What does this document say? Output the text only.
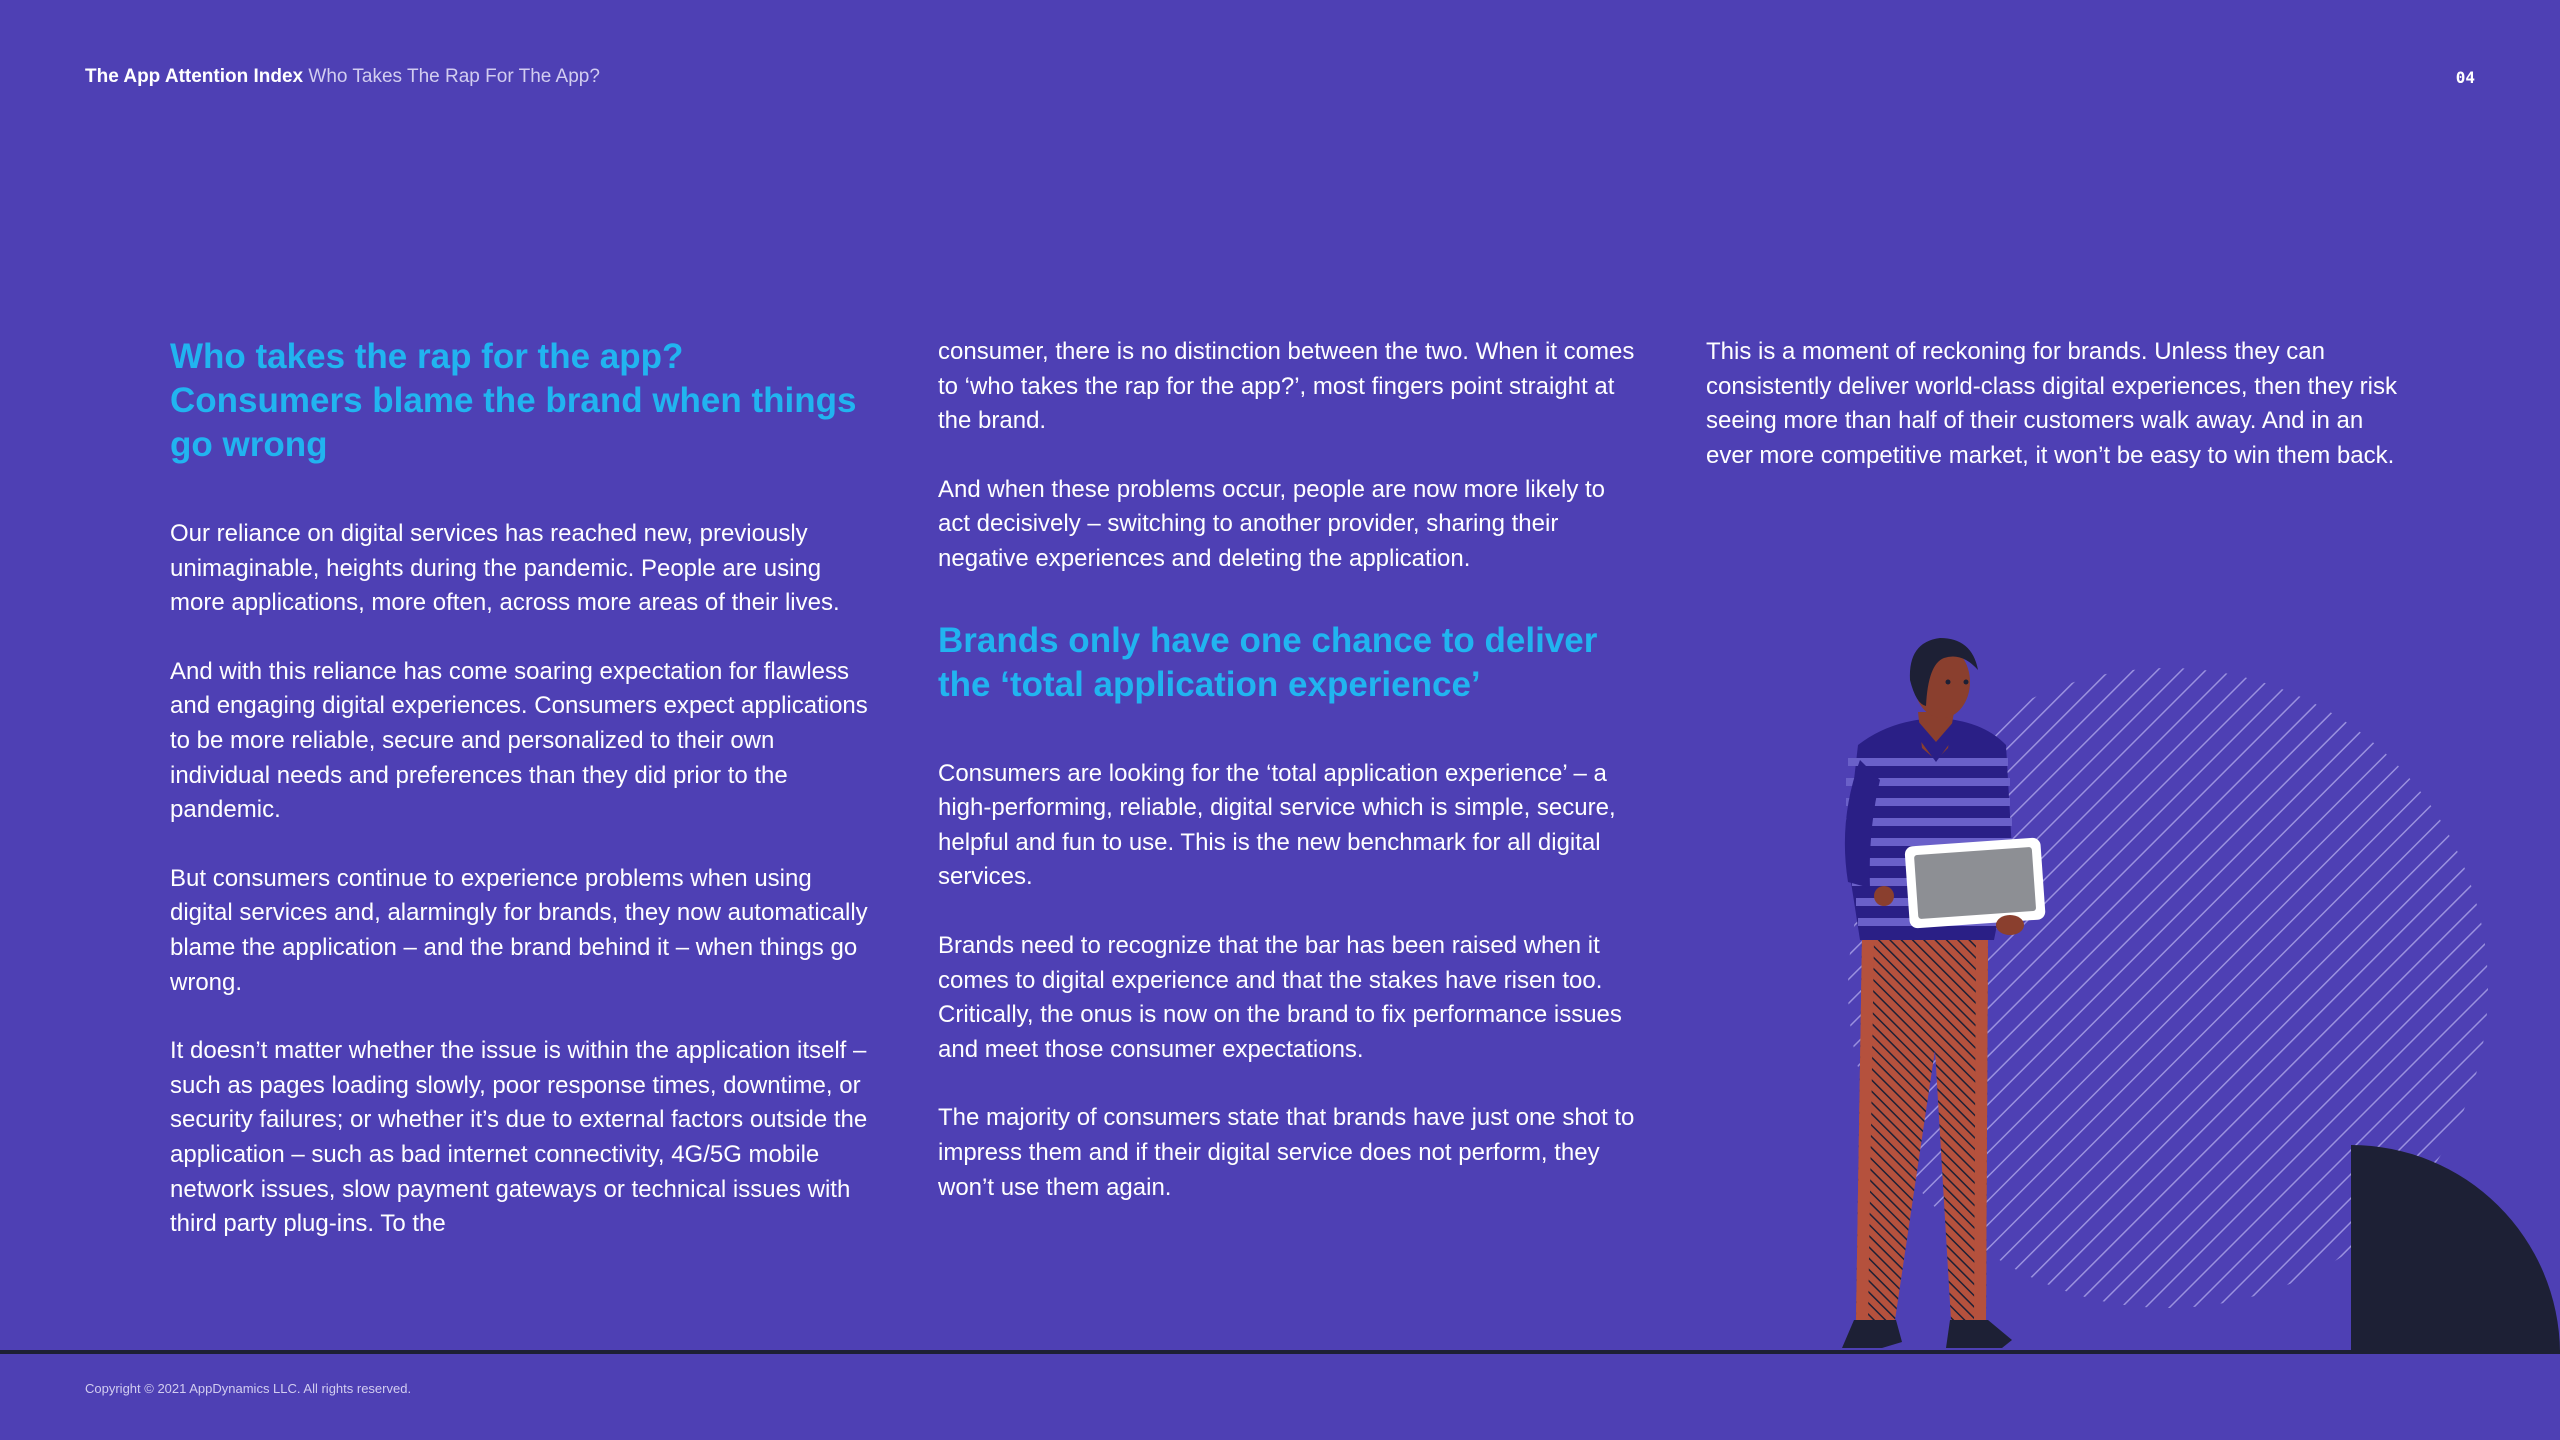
The App Attention Index Who Takes The Rap For The App?	04
Who takes the rap for the app? Consumers blame the brand when things go wrong

Our reliance on digital services has reached new, previously unimaginable, heights during the pandemic. People are using more applications, more often, across more areas of their lives.

And with this reliance has come soaring expectation for flawless and engaging digital experiences. Consumers expect applications to be more reliable, secure and personalized to their own individual needs and preferences than they did prior to the pandemic.

But consumers continue to experience problems when using digital services and, alarmingly for brands, they now automatically blame the application – and the brand behind it – when things go wrong.

It doesn’t matter whether the issue is within the application itself – such as pages loading slowly, poor response times, downtime, or security failures; or whether it’s due to external factors outside the application – such as bad internet connectivity, 4G/5G mobile network issues, slow payment gateways or technical issues with third party plug-ins. To the

consumer, there is no distinction between the two. When it comes to ‘who takes the rap for the app?’, most fingers point straight at the brand.

And when these problems occur, people are now more likely to act decisively – switching to another provider, sharing their negative experiences and deleting the application.

Brands only have one chance to deliver the ‘total application experience’

Consumers are looking for the ‘total application experience’ – a high-performing, reliable, digital service which is simple, secure, helpful and fun to use. This is the new benchmark for all digital services.

Brands need to recognize that the bar has been raised when it comes to digital experience and that the stakes have risen too. Critically, the onus is now on the brand to fix performance issues and meet those consumer expectations.

The majority of consumers state that brands have just one shot to impress them and if their digital service does not perform, they won’t use them again.

This is a moment of reckoning for brands. Unless they can consistently deliver world-class digital experiences, then they risk seeing more than half of their customers walk away. And in an ever more competitive market, it won’t be easy to win them back.

Copyright © 2021 AppDynamics LLC. All rights reserved.
